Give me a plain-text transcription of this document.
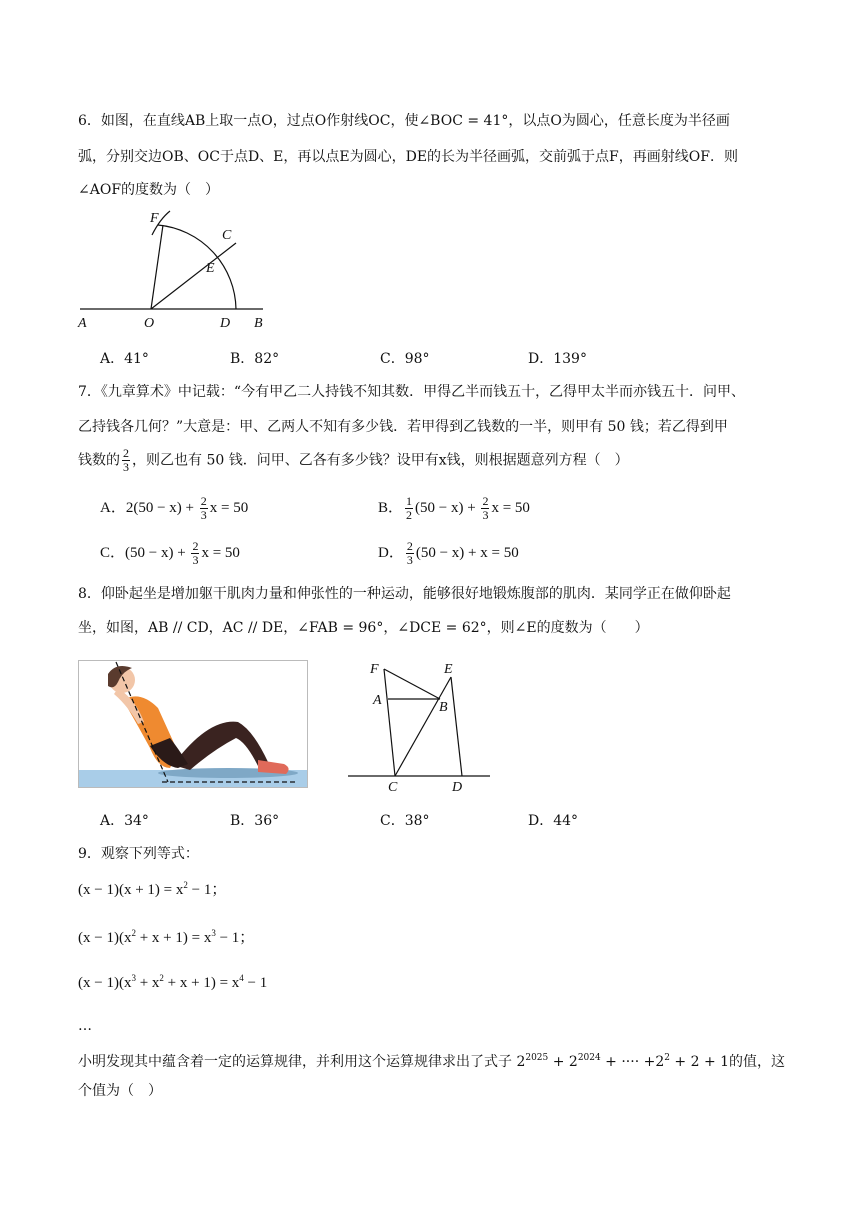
6．如图，在直线AB上取一点O，过点O作射线OC，使∠BOC = 41°，以点O为圆心，任意长度为半径画
弧，分别交边OB、OC于点D、E，再以点E为圆心，DE的长为半径画弧，交前弧于点F，再画射线OF．则
∠AOF的度数为（　）
F
C
E
A	O	D B
A．41°	B．82°	C．98°	D．139°
7．《九章算术》中记载：“今有甲乙二人持钱不知其数．甲得乙半而钱五十，乙得甲太半而亦钱五十．问甲、
乙持钱各几何？”大意是：甲、乙两人不知有多少钱．若甲得到乙钱数的一半，则甲有 50 钱；若乙得到甲
钱数的 $\frac{2}{3}$ ，则乙也有 50 钱．问甲、乙各有多少钱？设甲有x钱，则根据题意列方程（　）
A．$2(50 - x) + \frac{2}{3}$ x = 50	B． $\frac{1}{2} (50 - x) + \frac{2}{3}$ x = 50
C．$(50 - x) + \frac{2}{3}$ x = 50	D． $\frac{2}{3} (50 - x) + x = 50$
8．仰卧起坐是增加躯干肌肉力量和伸张性的一种运动，能够很好地锻炼腹部的肌肉．某同学正在做仰卧起
坐，如图，AB // CD，AC // DE，∠FAB = 96°，∠DCE = 62°，则∠E的度数为（　　）
F	E
A	B
C	D
A．34°	B．36°	C．38°	D．44°
9．观察下列等式：
$(x - 1)(x + 1) = x^2 - 1$；
$(x - 1)(x^2 + x + 1) = x^3 - 1$；
$(x - 1)(x^3 + x^2 + x + 1) = x^4 - 1$
…
小明发现其中蕴含着一定的运算规律，并利用这个运算规律求出了式子 $2^{2025} + 2^{2024}$ + ···· $+2^2 + 2 + 1$的值，这
个值为（　）
